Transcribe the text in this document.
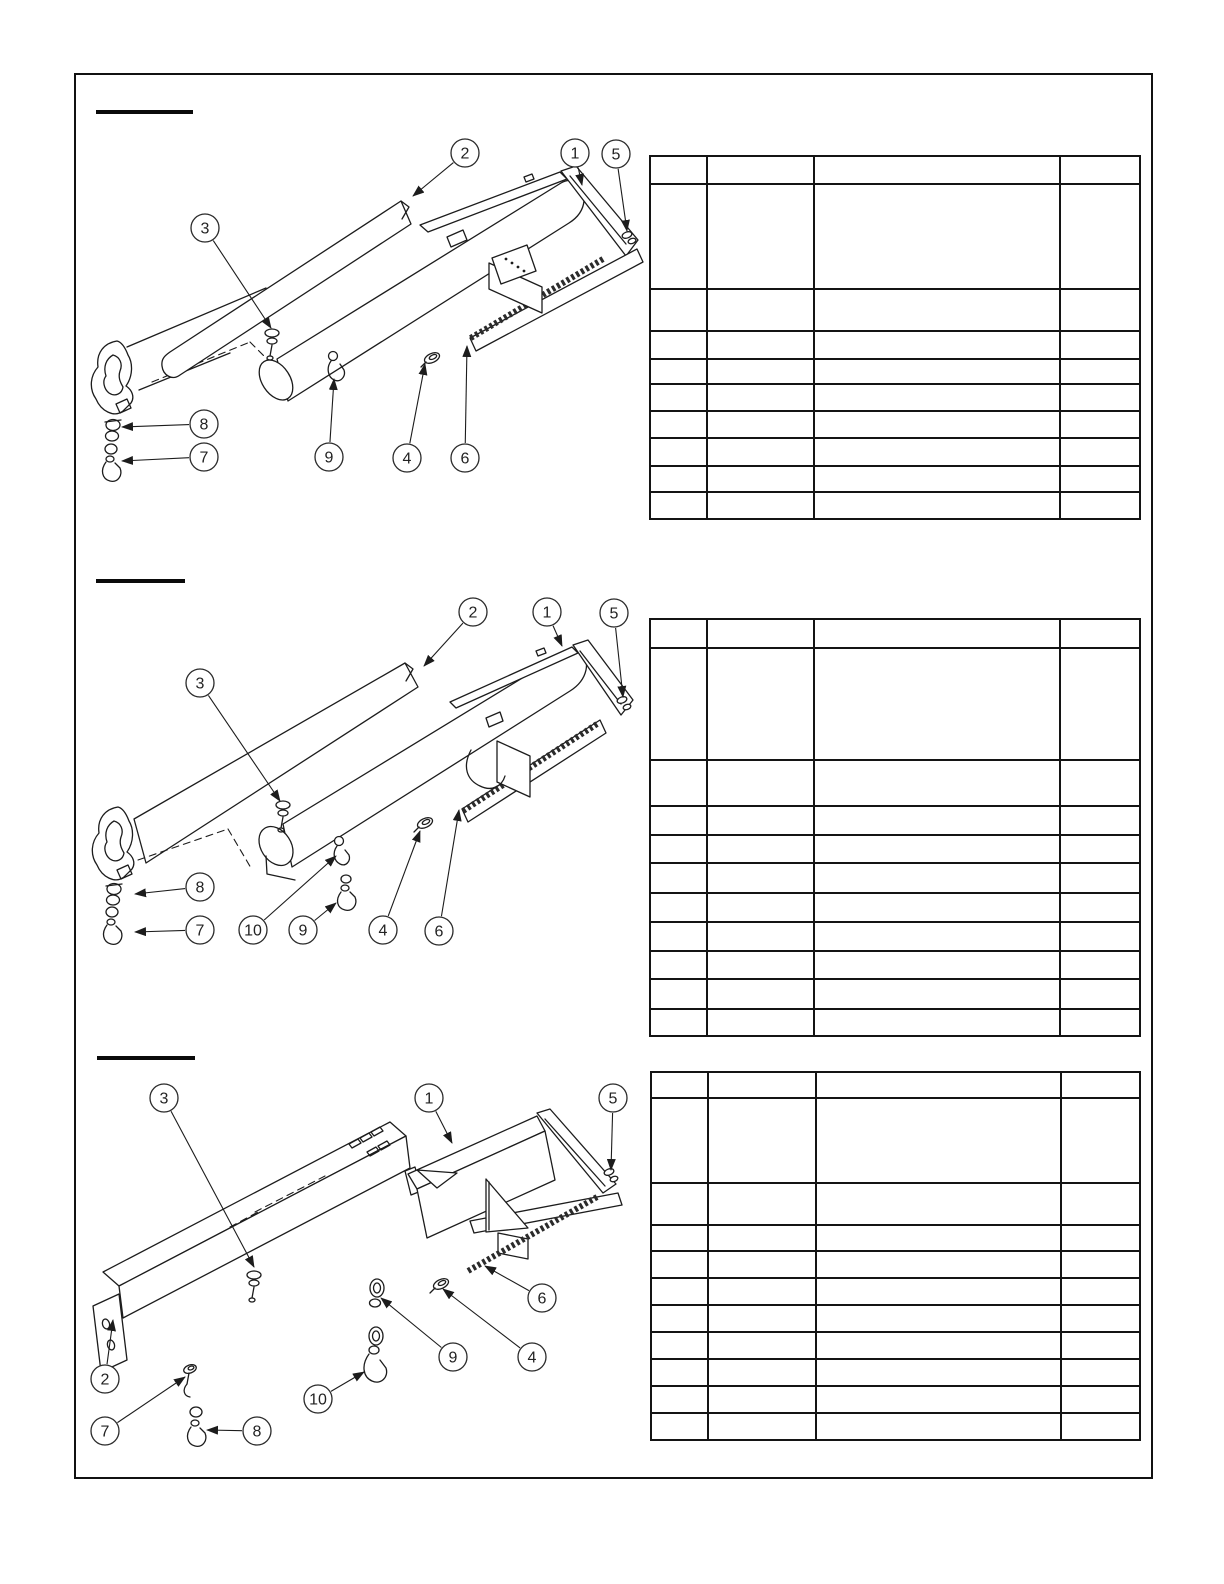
2	1 5
3
8
7	9	4	6
2	1	5
3
8
7 10 9	4	6
3	1	5
2
7	8
10
9	4
6
